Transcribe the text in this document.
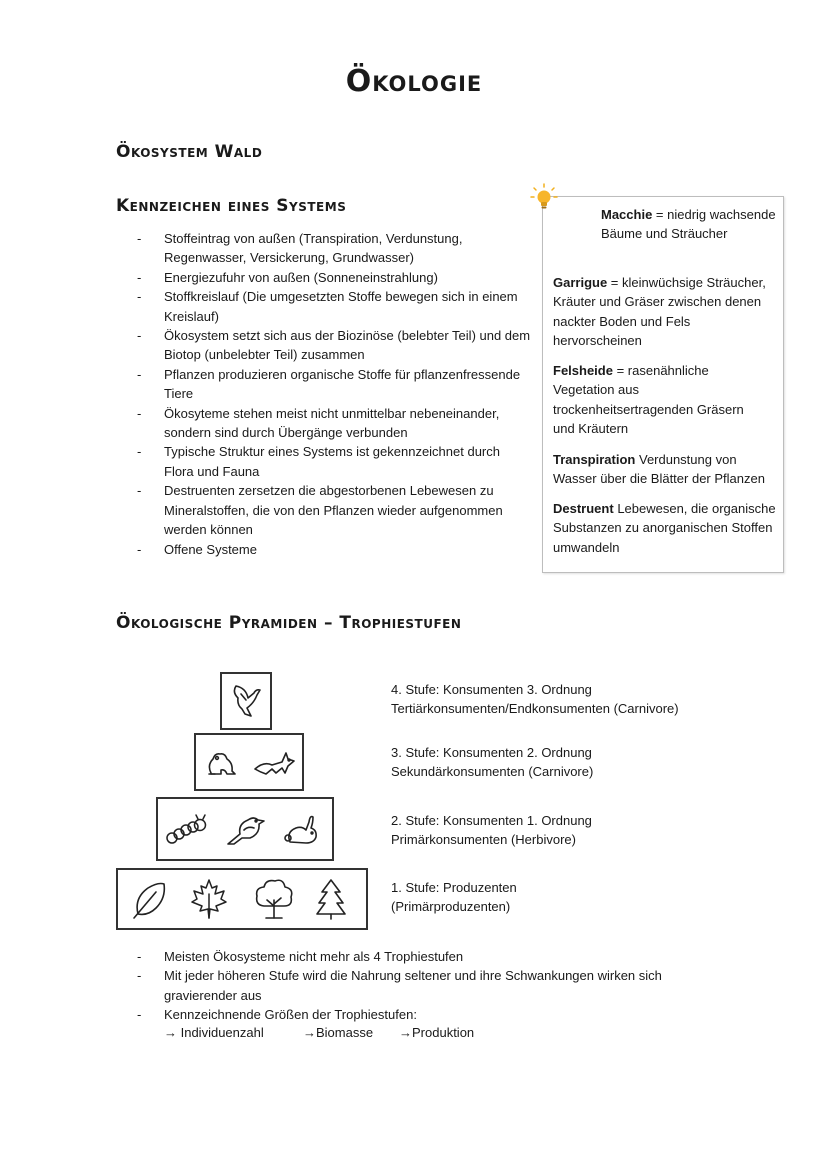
Ökologie
Ökosystem Wald
Kennzeichen eines Systems
- Stoffeintrag von außen (Transpiration, Verdunstung, Regenwasser, Versickerung, Grundwasser)
- Energiezufuhr von außen (Sonneneinstrahlung)
- Stoffkreislauf (Die umgesetzten Stoffe bewegen sich in einem Kreislauf)
- Ökosystem setzt sich aus der Biozinöse (belebter Teil) und dem Biotop (unbelebter Teil) zusammen
- Pflanzen produzieren organische Stoffe für pflanzenfressende Tiere
- Ökosyteme stehen meist nicht unmittelbar nebeneinander, sondern sind durch Übergänge verbunden
- Typische Struktur eines Systems ist gekennzeichnet durch Flora und Fauna
- Destruenten zersetzen die abgestorbenen Lebewesen zu Mineralstoffen, die von den Pflanzen wieder aufgenommen werden können
- Offene Systeme

Macchie = niedrig wachsende Bäume und Sträucher

Garrigue = kleinwüchsige Sträucher, Kräuter und Gräser zwischen denen nackter Boden und Fels hervorscheinen

Felsheide = rasenähnliche Vegetation aus trockenheitsertragenden Gräsern und Kräutern

Transpiration Verdunstung von Wasser über die Blätter der Pflanzen

Destruent Lebewesen, die organische Substanzen zu anorganischen Stoffen umwandeln

Ökologische Pyramiden – Trophiestufen
4. Stufe: Konsumenten 3. Ordnung
Tertiärkonsumenten/Endkonsumenten (Carnivore)
3. Stufe: Konsumenten 2. Ordnung
Sekundärkonsumenten (Carnivore)
2. Stufe: Konsumenten 1. Ordnung
Primärkonsumenten (Herbivore)
1. Stufe: Produzenten
(Primärproduzenten)
- Meisten Ökosysteme nicht mehr als 4 Trophiestufen
- Mit jeder höheren Stufe wird die Nahrung seltener und ihre Schwankungen wirken sich gravierender aus
- Kennzeichnende Größen der Trophiestufen:
→ Individuenzahl	→Biomasse →Produktion
